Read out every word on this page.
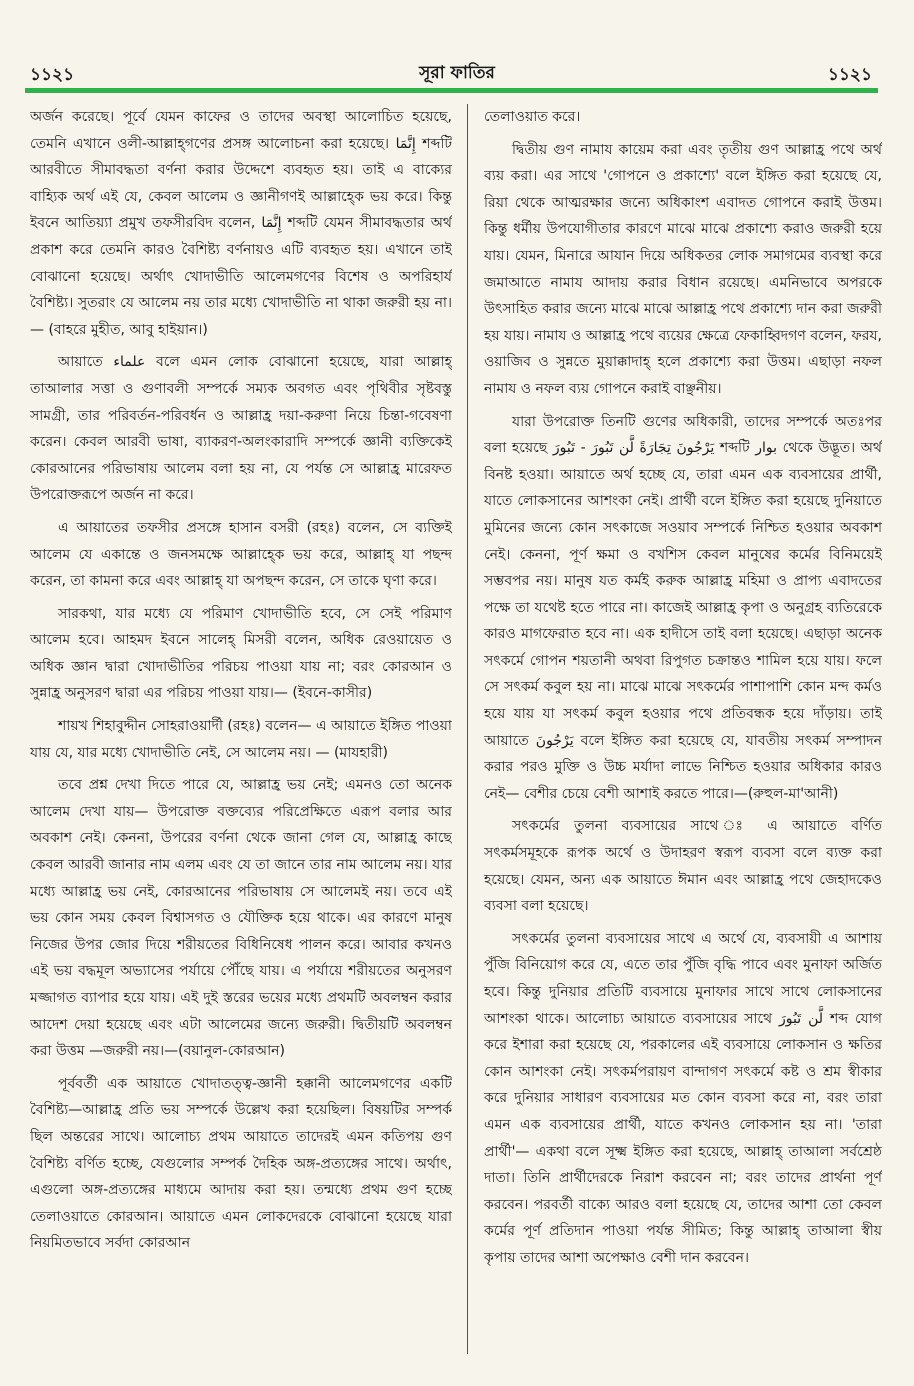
১১২১	সূরা ফাতির	১১২১

অর্জন করেছে। পূর্বে যেমন কাফের ও তাদের অবস্থা আলোচিত হয়েছে, তেমনি এখানে ওলী-আল্লাহ্গণের প্রসঙ্গ আলোচনা করা হয়েছে। إِنَّمَا শব্দটি আরবীতে সীমাবদ্ধতা বর্ণনা করার উদ্দেশে ব্যবহৃত হয়। তাই এ বাক্যের বাহ্যিক অর্থ এই যে, কেবল আলেম ও জ্ঞানীগণই আল্লাহ্কে ভয় করে। কিন্তু ইবনে আতিয়্যা প্রমুখ তফসীরবিদ বলেন, إِنَّمَا শব্দটি যেমন সীমাবদ্ধতার অর্থ প্রকাশ করে তেমনি কারও বৈশিষ্ট্য বর্ণনায়ও এটি ব্যবহৃত হয়। এখানে তাই বোঝানো হয়েছে। অর্থাৎ খোদাভীতি আলেমগণের বিশেষ ও অপরিহার্য বৈশিষ্ট্য। সুতরাং যে আলেম নয় তার মধ্যে খোদাভীতি না থাকা জরুরী হয় না।— (বাহরে মুহীত, আবু হাইয়ান।)

আয়াতে علماء বলে এমন লোক বোঝানো হয়েছে, যারা আল্লাহ্ তাআলার সত্তা ও গুণাবলী সম্পর্কে সম্যক অবগত এবং পৃথিবীর সৃষ্টবস্তু সামগ্রী, তার পরিবর্তন-পরিবর্ধন ও আল্লাহ্র দয়া-করুণা নিয়ে চিন্তা-গবেষণা করেন। কেবল আরবী ভাষা, ব্যাকরণ-অলংকারাদি সম্পর্কে জ্ঞানী ব্যক্তিকেই কোরআনের পরিভাষায় আলেম বলা হয় না, যে পর্যন্ত সে আল্লাহ্র মারেফত উপরোক্তরূপে অর্জন না করে।

এ আয়াতের তফসীর প্রসঙ্গে হাসান বসরী (রহঃ) বলেন, সে ব্যক্তিই আলেম যে একান্তে ও জনসমক্ষে আল্লাহ্কে ভয় করে, আল্লাহ্ যা পছন্দ করেন, তা কামনা করে এবং আল্লাহ্ যা অপছন্দ করেন, সে তাকে ঘৃণা করে।

সারকথা, যার মধ্যে যে পরিমাণ খোদাভীতি হবে, সে সেই পরিমাণ আলেম হবে। আহমদ ইবনে সালেহ্ মিসরী বলেন, অধিক রেওয়ায়েত ও অধিক জ্ঞান দ্বারা খোদাভীতির পরিচয় পাওয়া যায় না; বরং কোরআন ও সুন্নাহ্র অনুসরণ দ্বারা এর পরিচয় পাওয়া যায়।— (ইবনে-কাসীর)

শায়খ শিহাবুদ্দীন সোহরাওয়ার্দী (রহঃ) বলেন— এ আয়াতে ইঙ্গিত পাওয়া যায় যে, যার মধ্যে খোদাভীতি নেই, সে আলেম নয়। — (মাযহারী)

তবে প্রশ্ন দেখা দিতে পারে যে, আল্লাহ্র ভয় নেই; এমনও তো অনেক আলেম দেখা যায়— উপরোক্ত বক্তব্যের পরিপ্রেক্ষিতে এরূপ বলার আর অবকাশ নেই। কেননা, উপরের বর্ণনা থেকে জানা গেল যে, আল্লাহ্র কাছে কেবল আরবী জানার নাম এলম এবং যে তা জানে তার নাম আলেম নয়। যার মধ্যে আল্লাহ্র ভয় নেই, কোরআনের পরিভাষায় সে আলেমই নয়। তবে এই ভয় কোন সময় কেবল বিশ্বাসগত ও যৌক্তিক হয়ে থাকে। এর কারণে মানুষ নিজের উপর জোর দিয়ে শরীয়তের বিধিনিষেধ পালন করে। আবার কখনও এই ভয় বদ্ধমূল অভ্যাসের পর্যায়ে পৌঁছে যায়। এ পর্যায়ে শরীয়তের অনুসরণ মজ্জাগত ব্যাপার হয়ে যায়। এই দুই স্তরের ভয়ের মধ্যে প্রথমটি অবলম্বন করার আদেশ দেয়া হয়েছে এবং এটা আলেমের জন্যে জরুরী। দ্বিতীয়টি অবলম্বন করা উত্তম —জরুরী নয়।—(বয়ানুল-কোরআন)

পূর্ববর্তী এক আয়াতে খোদাতত্ত্ব-জ্ঞানী হক্কানী আলেমগণের একটি বৈশিষ্ট্য—আল্লাহ্র প্রতি ভয় সম্পর্কে উল্লেখ করা হয়েছিল। বিষয়টির সম্পর্ক ছিল অন্তরের সাথে। আলোচ্য প্রথম আয়াতে তাদেরই এমন কতিপয় গুণ বৈশিষ্ট্য বর্ণিত হচ্ছে, যেগুলোর সম্পর্ক দৈহিক অঙ্গ-প্রত্যঙ্গের সাথে। অর্থাৎ, এগুলো অঙ্গ-প্রত্যঙ্গের মাধ্যমে আদায় করা হয়। তন্মধ্যে প্রথম গুণ হচ্ছে তেলাওয়াতে কোরআন। আয়াতে এমন লোকদেরকে বোঝানো হয়েছে যারা নিয়মিতভাবে সর্বদা কোরআন

তেলাওয়াত করে।

দ্বিতীয় গুণ নামায কায়েম করা এবং তৃতীয় গুণ আল্লাহ্র পথে অর্থ ব্যয় করা। এর সাথে 'গোপনে ও প্রকাশ্যে' বলে ইঙ্গিত করা হয়েছে যে, রিয়া থেকে আত্মরক্ষার জন্যে অধিকাংশ এবাদত গোপনে করাই উত্তম। কিন্তু ধর্মীয় উপযোগীতার কারণে মাঝে মাঝে প্রকাশ্যে করাও জরুরী হয়ে যায়। যেমন, মিনারে আযান দিয়ে অধিকতর লোক সমাগমের ব্যবস্থা করে জমাআতে নামায আদায় করার বিধান রয়েছে। এমনিভাবে অপরকে উৎসাহিত করার জন্যে মাঝে মাঝে আল্লাহ্র পথে প্রকাশ্যে দান করা জরুরী হয় যায়। নামায ও আল্লাহ্র পথে ব্যয়ের ক্ষেত্রে ফেকাহ্বিদগণ বলেন, ফরয, ওয়াজিব ও সুন্নতে মুয়াক্কাদাহ্ হলে প্রকাশ্যে করা উত্তম। এছাড়া নফল নামায ও নফল ব্যয় গোপনে করাই বাঞ্ছনীয়।

যারা উপরোক্ত তিনটি গুণের অধিকারী, তাদের সম্পর্কে অতঃপর বলা হয়েছে يَرْجُونَ تِجَارَةً لَّن تَبُورَ - تَبُورَ শব্দটি بوار থেকে উদ্ভূত। অর্থ বিনষ্ট হওয়া। আয়াতে অর্থ হচ্ছে যে, তারা এমন এক ব্যবসায়ের প্রার্থী, যাতে লোকসানের আশংকা নেই। প্রার্থী বলে ইঙ্গিত করা হয়েছে দুনিয়াতে মুমিনের জন্যে কোন সৎকাজে সওয়াব সম্পর্কে নিশ্চিত হওয়ার অবকাশ নেই। কেননা, পূর্ণ ক্ষমা ও বখশিস কেবল মানুষের কর্মের বিনিময়েই সম্ভবপর নয়। মানুষ যত কর্মই করুক আল্লাহ্র মহিমা ও প্রাপ্য এবাদতের পক্ষে তা যথেষ্ট হতে পারে না। কাজেই আল্লাহ্র কৃপা ও অনুগ্রহ ব্যতিরেকে কারও মাগফেরাত হবে না। এক হাদীসে তাই বলা হয়েছে। এছাড়া অনেক সৎকর্মে গোপন শয়তানী অথবা রিপুগত চক্রান্তও শামিল হয়ে যায়। ফলে সে সৎকর্ম কবুল হয় না। মাঝে মাঝে সৎকর্মের পাশাপাশি কোন মন্দ কর্মও হয়ে যায় যা সৎকর্ম কবুল হওয়ার পথে প্রতিবন্ধক হয়ে দাঁড়ায়। তাই আয়াতে يَرْجُونَ বলে ইঙ্গিত করা হয়েছে যে, যাবতীয় সৎকর্ম সম্পাদন করার পরও মুক্তি ও উচ্চ মর্যাদা লাভে নিশ্চিত হওয়ার অধিকার কারও নেই— বেশীর চেয়ে বেশী আশাই করতে পারে।—(রুহুল-মা'আনী)

সৎকর্মের তুলনা ব্যবসায়ের সাথে ঃ এ আয়াতে বর্ণিত সৎকর্মসমূহকে রূপক অর্থে ও উদাহরণ স্বরূপ ব্যবসা বলে ব্যক্ত করা হয়েছে। যেমন, অন্য এক আয়াতে ঈমান এবং আল্লাহ্র পথে জেহাদকেও ব্যবসা বলা হয়েছে।

সৎকর্মের তুলনা ব্যবসায়ের সাথে এ অর্থে যে, ব্যবসায়ী এ আশায় পুঁজি বিনিয়োগ করে যে, এতে তার পুঁজি বৃদ্ধি পাবে এবং মুনাফা অর্জিত হবে। কিন্তু দুনিয়ার প্রতিটি ব্যবসায়ে মুনাফার সাথে সাথে লোকসানের আশংকা থাকে। আলোচ্য আয়াতে ব্যবসায়ের সাথে لَّن تَبُورَ শব্দ যোগ করে ইশারা করা হয়েছে যে, পরকালের এই ব্যবসায়ে লোকসান ও ক্ষতির কোন আশংকা নেই। সৎকর্মপরায়ণ বান্দাগণ সৎকর্মে কষ্ট ও শ্রম স্বীকার করে দুনিয়ার সাধারণ ব্যবসায়ের মত কোন ব্যবসা করে না, বরং তারা এমন এক ব্যবসায়ের প্রার্থী, যাতে কখনও লোকসান হয় না। 'তারা প্রার্থী'— একথা বলে সূক্ষ্ম ইঙ্গিত করা হয়েছে, আল্লাহ্ তাআলা সর্বশ্রেষ্ঠ দাতা। তিনি প্রার্থীদেরকে নিরাশ করবেন না; বরং তাদের প্রার্থনা পূর্ণ করবেন। পরবর্তী বাক্যে আরও বলা হয়েছে যে, তাদের আশা তো কেবল কর্মের পূর্ণ প্রতিদান পাওয়া পর্যন্ত সীমিত; কিন্তু আল্লাহ্ তাআলা স্বীয় কৃপায় তাদের আশা অপেক্ষাও বেশী দান করবেন।
